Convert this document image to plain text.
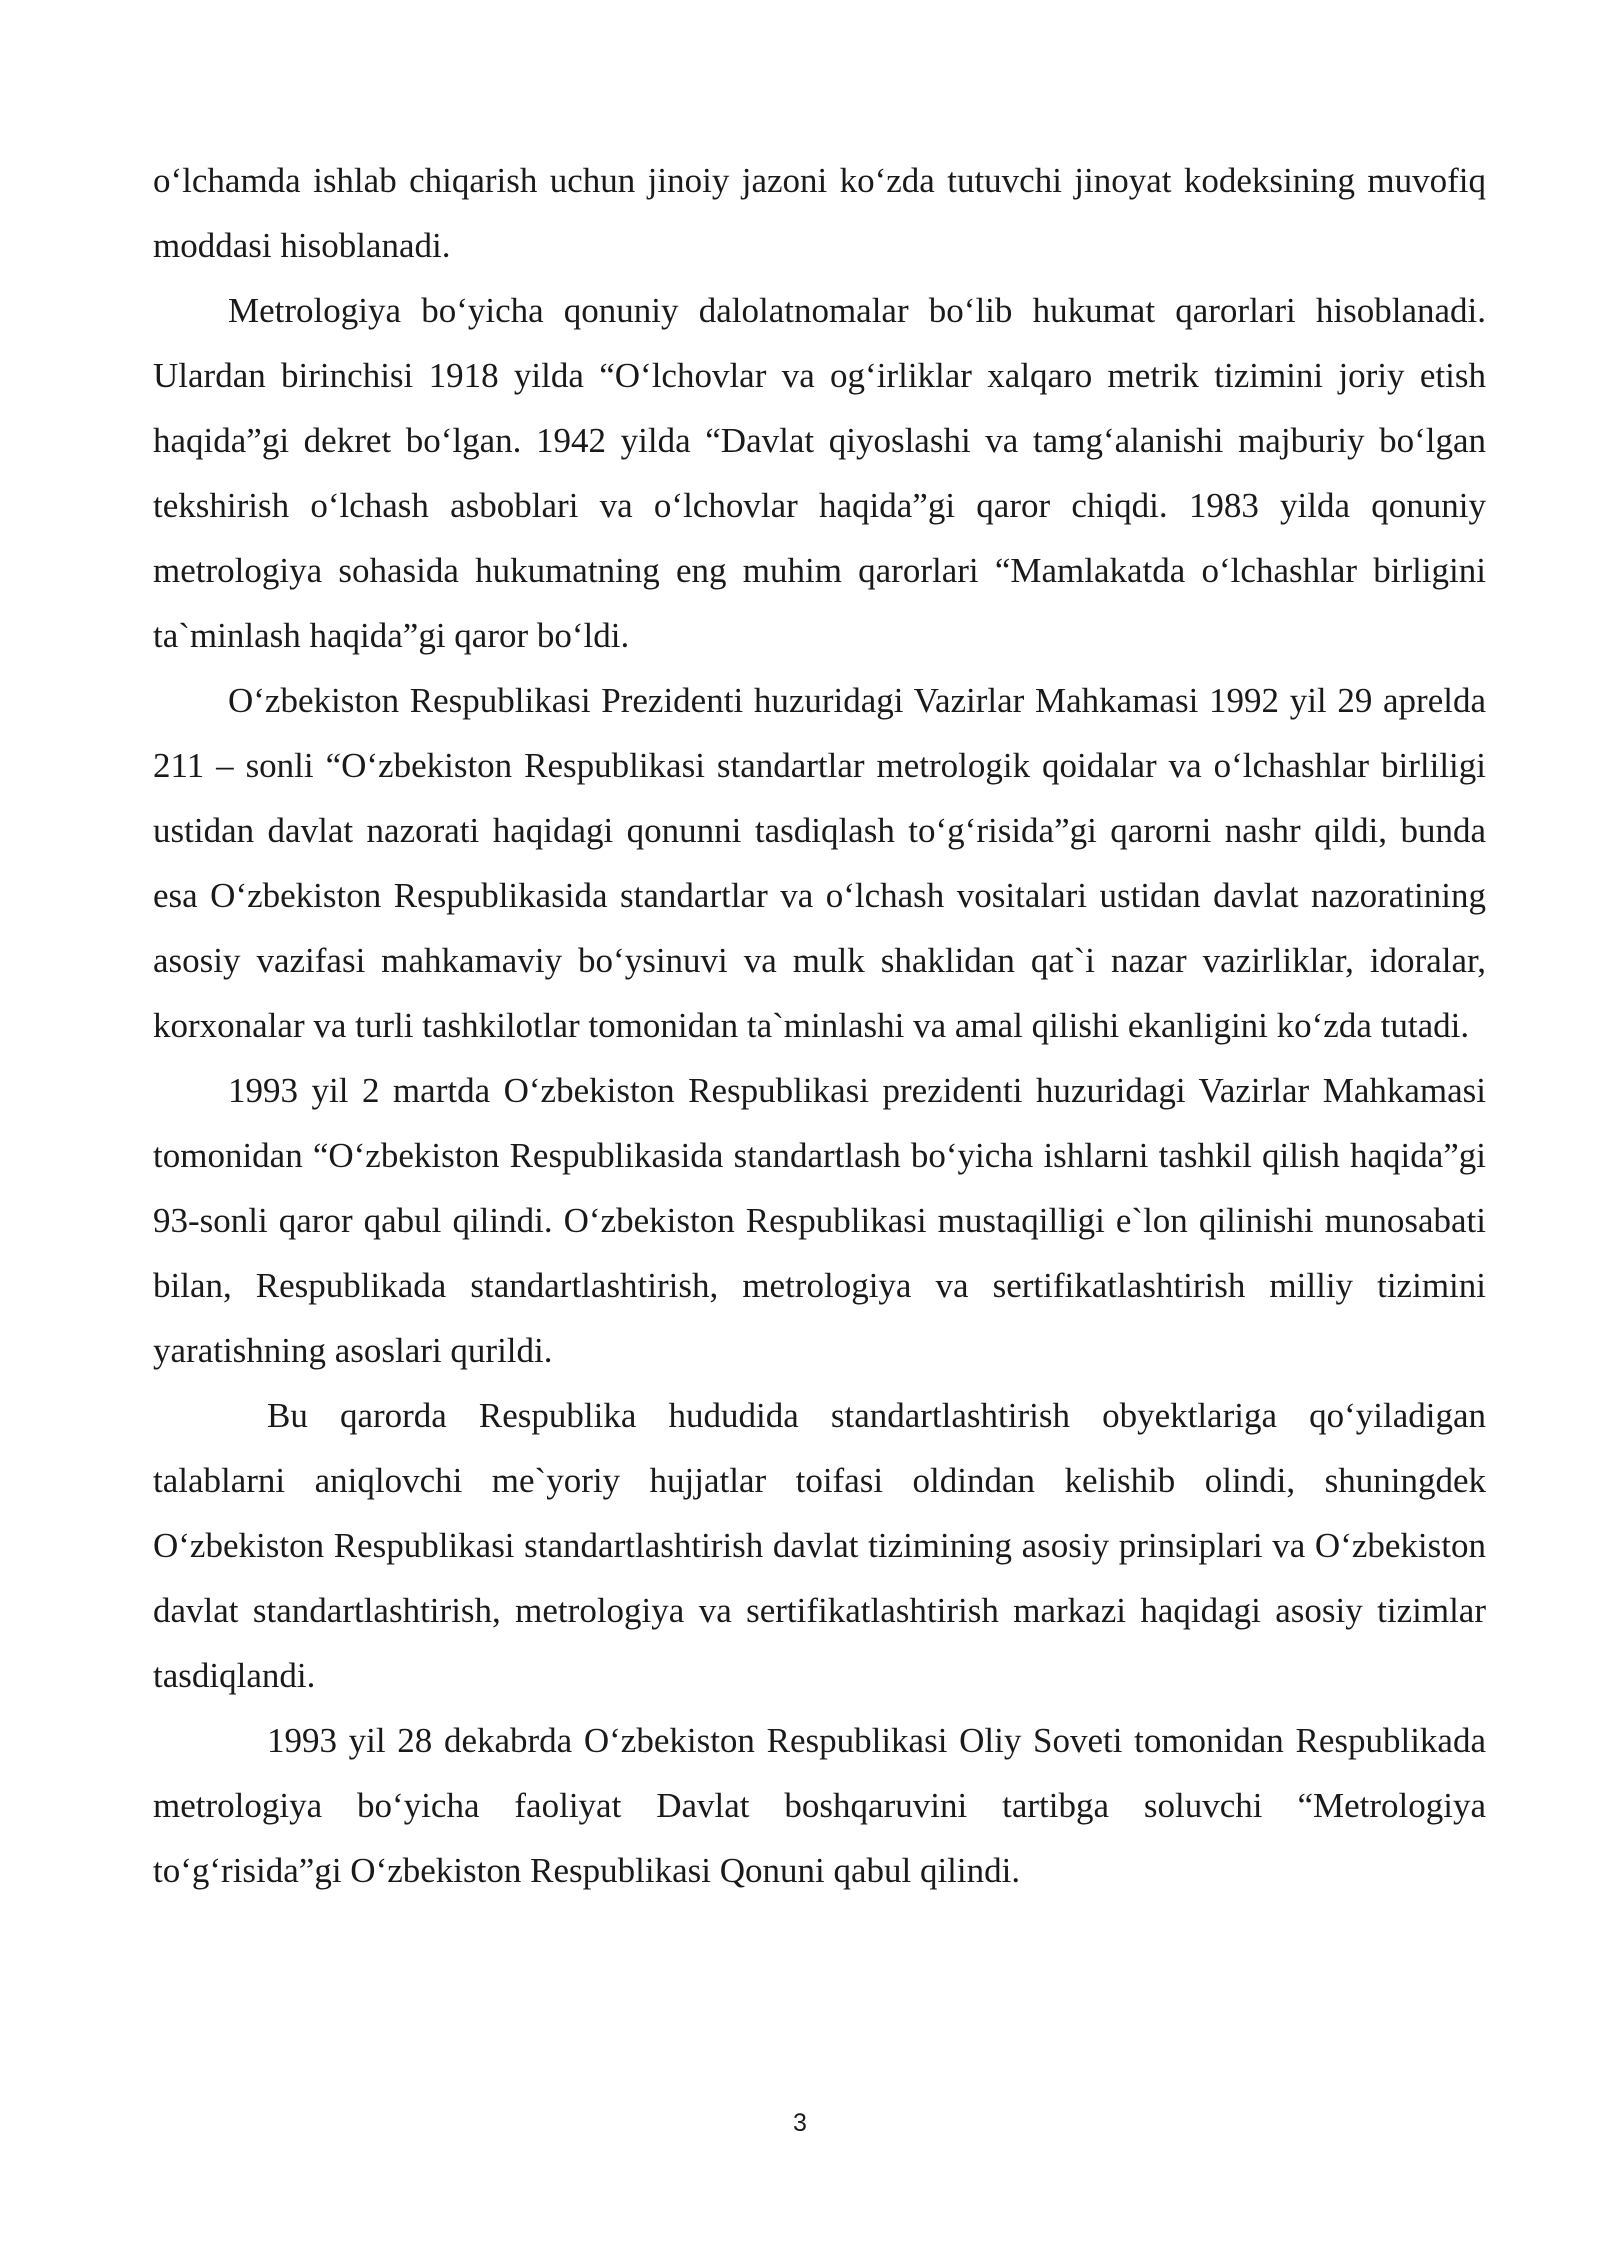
o‘lchamda ishlab chiqarish uchun jinoiy jazoni ko‘zda tutuvchi jinoyat kodeksining muvofiq moddasi hisoblanadi.

Metrologiya bo‘yicha qonuniy dalolatnomalar bo‘lib hukumat qarorlari hisoblanadi. Ulardan birinchisi 1918 yilda “O‘lchovlar va og‘irliklar xalqaro metrik tizimini joriy etish haqida”gi dekret bo‘lgan. 1942 yilda “Davlat qiyoslashi va tamg‘alanishi majburiy bo‘lgan tekshirish o‘lchash asboblari va o‘lchovlar haqida”gi qaror chiqdi. 1983 yilda qonuniy metrologiya sohasida hukumatning eng muhim qarorlari “Mamlakatda o‘lchashlar birligini ta`minlash haqida”gi qaror bo‘ldi.

O‘zbekiston Respublikasi Prezidenti huzuridagi Vazirlar Mahkamasi 1992 yil 29 aprelda 211 – sonli “O‘zbekiston Respublikasi standartlar metrologik qoidalar va o‘lchashlar birliligi ustidan davlat nazorati haqidagi qonunni tasdiqlash to‘g‘risida”gi qarorni nashr qildi, bunda esa O‘zbekiston Respublikasida standartlar va o‘lchash vositalari ustidan davlat nazoratining asosiy vazifasi mahkamaviy bo‘ysinuvi va mulk shaklidan qat`i nazar vazirliklar, idoralar, korxonalar va turli tashkilotlar tomonidan ta`minlashi va amal qilishi ekanligini ko‘zda tutadi.

1993 yil 2 martda O‘zbekiston Respublikasi prezidenti huzuridagi Vazirlar Mahkamasi tomonidan “O‘zbekiston Respublikasida standartlash bo‘yicha ishlarni tashkil qilish haqida”gi 93-sonli qaror qabul qilindi. O‘zbekiston Respublikasi mustaqilligi e`lon qilinishi munosabati bilan, Respublikada standartlashtirish, metrologiya va sertifikatlashtirish milliy tizimini yaratishning asoslari qurildi.

Bu qarorda Respublika hududida standartlashtirish obyektlariga qo‘yiladigan talablarni aniqlovchi me`yoriy hujjatlar toifasi oldindan kelishib olindi, shuningdek O‘zbekiston Respublikasi standartlashtirish davlat tizimining asosiy prinsiplari va O‘zbekiston davlat standartlashtirish, metrologiya va sertifikatlashtirish markazi haqidagi asosiy tizimlar tasdiqlandi.

1993 yil 28 dekabrda O‘zbekiston Respublikasi Oliy Soveti tomonidan Respublikada metrologiya bo‘yicha faoliyat Davlat boshqaruvini tartibga soluvchi “Metrologiya to‘g‘risida”gi O‘zbekiston Respublikasi Qonuni qabul qilindi.

3
